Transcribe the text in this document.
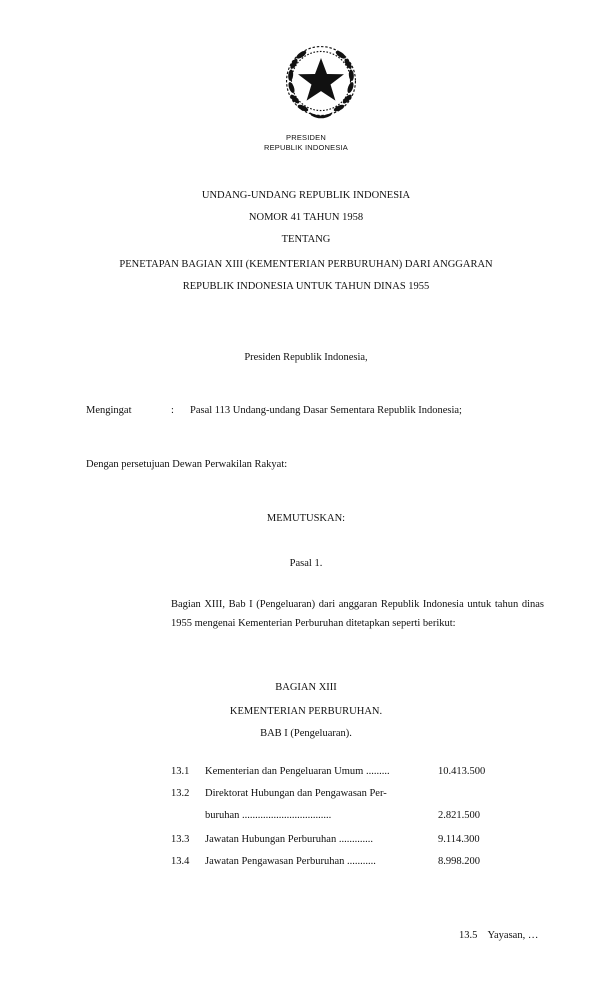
PRESIDEN
REPUBLIK INDONESIA
UNDANG-UNDANG REPUBLIK INDONESIA
NOMOR 41 TAHUN 1958
TENTANG
PENETAPAN BAGIAN XIII (KEMENTERIAN PERBURUHAN) DARI ANGGARAN
REPUBLIK INDONESIA UNTUK TAHUN DINAS 1955
Presiden Republik Indonesia,
Mengingat	: Pasal 113 Undang-undang Dasar Sementara Republik Indonesia;
Dengan persetujuan Dewan Perwakilan Rakyat:
MEMUTUSKAN:
Pasal 1.
Bagian XIII, Bab I (Pengeluaran) dari anggaran Republik Indonesia untuk tahun dinas 1955 mengenai Kementerian Perburuhan ditetapkan seperti berikut:
BAGIAN XIII
KEMENTERIAN PERBURUHAN.
BAB I (Pengeluaran).
13.1 Kementerian dan Pengeluaran Umum .........	10.413.500
13.2 Direktorat Hubungan dan Pengawasan Per-
buruhan ..................................	2.821.500
13.3 Jawatan Hubungan Perburuhan .............	9.114.300
13.4 Jawatan Pengawasan Perburuhan ...........	8.998.200
13.5    Yayasan, …
